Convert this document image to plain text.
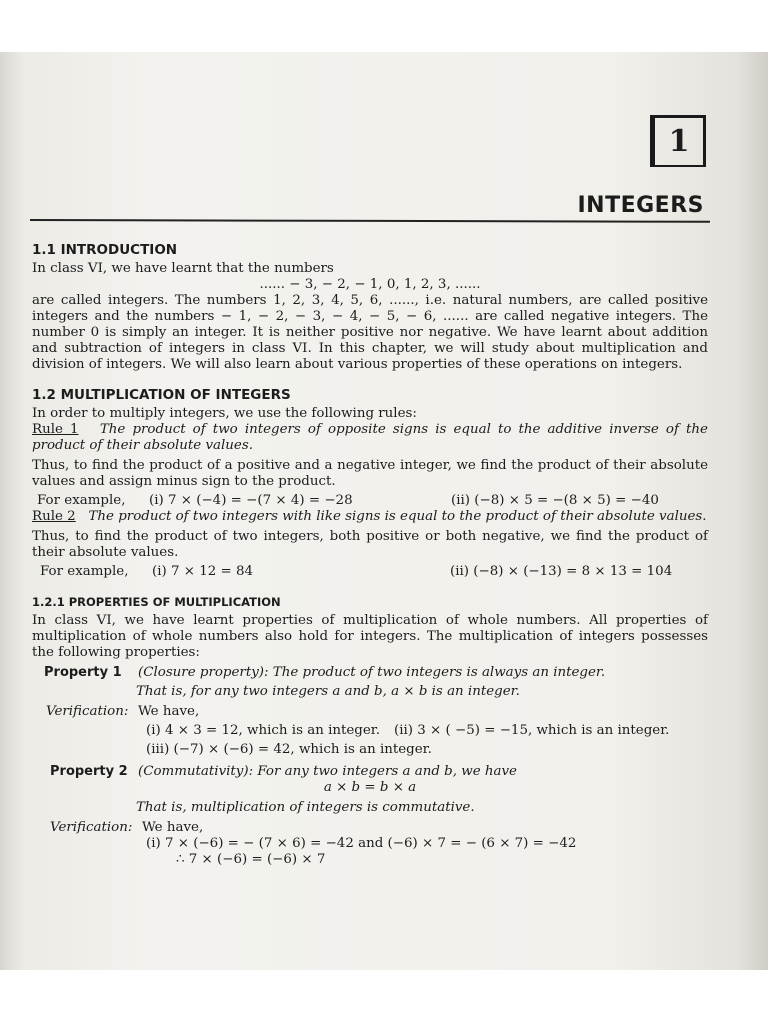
1
INTEGERS
1.1 INTRODUCTION

In class VI, we have learnt that the numbers

...... − 3, − 2, − 1, 0, 1, 2, 3, ......

are called integers. The numbers 1, 2, 3, 4, 5, 6, ......, i.e. natural numbers, are called positive integers and the numbers − 1, − 2, − 3, − 4, − 5, − 6, ...... are called negative integers. The number 0 is simply an integer. It is neither positive nor negative. We have learnt about addition and subtraction of integers in class VI. In this chapter, we will study about multiplication and division of integers. We will also learn about various properties of these operations on integers.

1.2 MULTIPLICATION OF INTEGERS

In order to multiply integers, we use the following rules:

Rule 1 The product of two integers of opposite signs is equal to the additive inverse of the product of their absolute values.

Thus, to find the product of a positive and a negative integer, we find the product of their absolute values and assign minus sign to the product.

For example,	(i) 7 × (−4) = −(7 × 4) = −28	(ii) (−8) × 5 = −(8 × 5) = −40

Rule 2 The product of two integers with like signs is equal to the product of their absolute values.

Thus, to find the product of two integers, both positive or both negative, we find the product of their absolute values.

For example,	(i) 7 × 12 = 84	(ii) (−8) × (−13) = 8 × 13 = 104
1.2.1 PROPERTIES OF MULTIPLICATION

In class VI, we have learnt properties of multiplication of whole numbers. All properties of multiplication of whole numbers also hold for integers. The multiplication of integers possesses the following properties:

Property 1	(Closure property): The product of two integers is always an integer.
That is, for any two integers a and b, a × b is an integer.
Verification: We have,
(i) 4 × 3 = 12, which is an integer.	(ii) 3 × ( −5) = −15, which is an integer.
(iii) (−7) × (−6) = 42, which is an integer.
Property 2 (Commutativity): For any two integers a and b, we have
a × b = b × a
That is, multiplication of integers is commutative.
Verification: We have,
(i) 7 × (−6) = − (7 × 6) = −42 and (−6) × 7 = − (6 × 7) = −42
∴ 7 × (−6) = (−6) × 7
